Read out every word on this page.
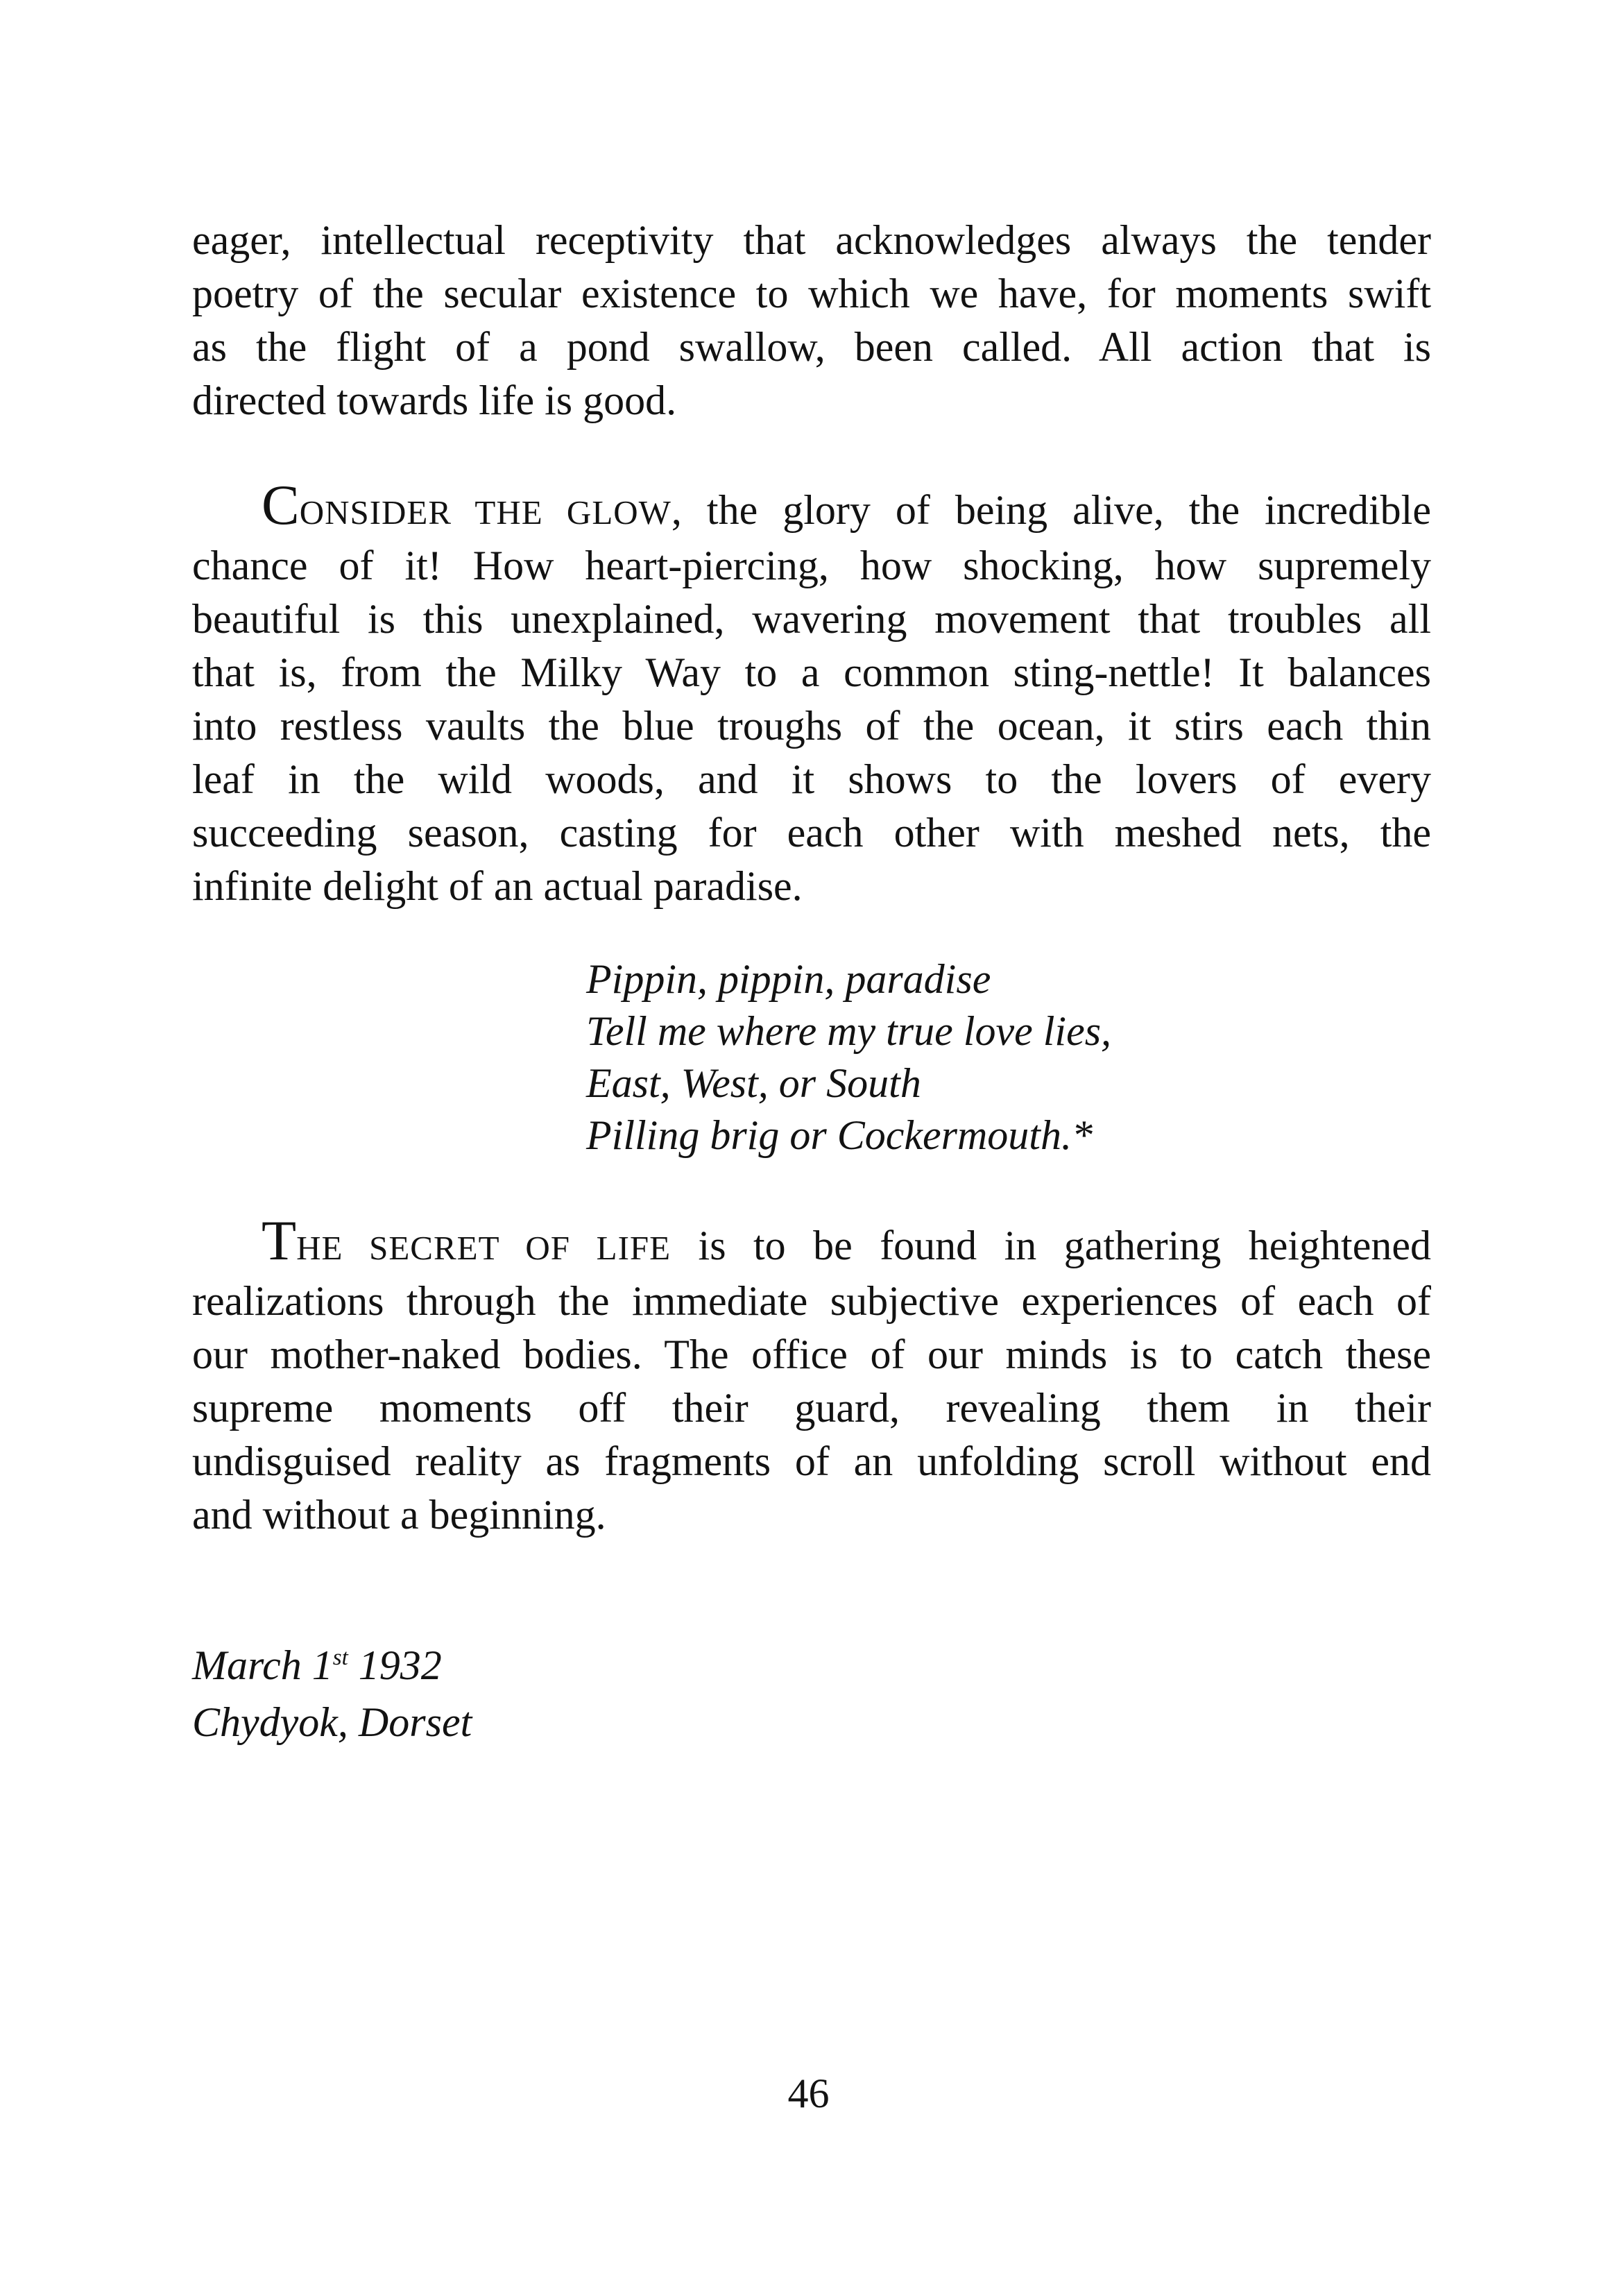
eager, intellectual receptivity that acknowledges always the tender
poetry of the secular existence to which we have, for moments swift
as the flight of a pond swallow, been called. All action that is
directed towards life is good.
CONSIDER THE GLOW, the glory of being alive, the incredible
chance of it! How heart-piercing, how shocking, how supremely
beautiful is this unexplained, wavering movement that troubles all
that is, from the Milky Way to a common sting-nettle! It balances
into restless vaults the blue troughs of the ocean, it stirs each thin
leaf in the wild woods, and it shows to the lovers of every
succeeding season, casting for each other with meshed nets, the
infinite delight of an actual paradise.
Pippin, pippin, paradise
Tell me where my true love lies,
East, West, or South
Pilling brig or Cockermouth.*
THE SECRET OF LIFE is to be found in gathering heightened
realizations through the immediate subjective experiences of each of
our mother-naked bodies. The office of our minds is to catch these
supreme moments off their guard, revealing them in their
undisguised reality as fragments of an unfolding scroll without end
and without a beginning.
March 1st 1932
Chydyok, Dorset
46
